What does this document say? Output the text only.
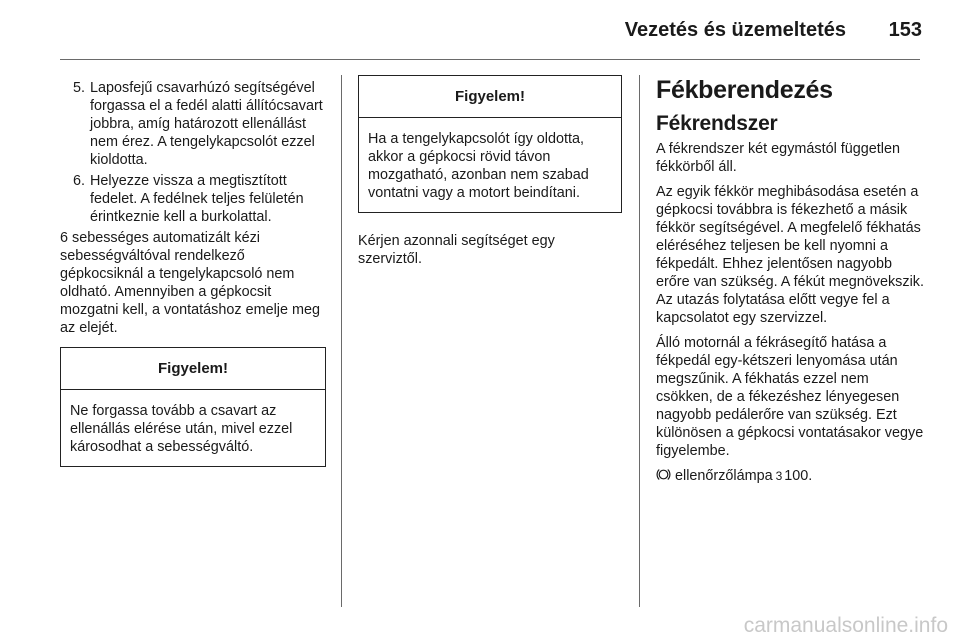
Vezetés és üzemeltetés 153
5. Laposfejű csavarhúzó segítségével forgassa el a fedél alatti állítócsavart jobbra, amíg határozott ellenállást nem érez. A tengelykapcsolót ezzel kioldotta.
6. Helyezze vissza a megtisztított fedelet. A fedélnek teljes felületén érintkeznie kell a burkolattal.

6 sebességes automatizált kézi sebességváltóval rendelkező gépkocsiknál a tengelykapcsoló nem oldható. Amennyiben a gépkocsit mozgatni kell, a vontatáshoz emelje meg az elejét.

Figyelem!
Ne forgassa tovább a csavart az ellenállás elérése után, mivel ezzel károsodhat a sebességváltó.
Figyelem!
Ha a tengelykapcsolót így oldotta, akkor a gépkocsi rövid távon mozgatható, azonban nem szabad vontatni vagy a motort beindítani.

Kérjen azonnali segítséget egy szerviztől.

Fékberendezés
Fékrendszer

A fékrendszer két egymástól független fékkörből áll.

Az egyik fékkör meghibásodása esetén a gépkocsi továbbra is fékezhető a másik fékkör segítségével. A megfelelő fékhatás eléréséhez teljesen be kell nyomni a fékpedált. Ehhez jelentősen nagyobb erőre van szükség. A fékút megnövekszik. Az utazás folytatása előtt vegye fel a kapcsolatot egy szervizzel.

Álló motornál a fékrásegítő hatása a fékpedál egy-kétszeri lenyomása után megszűnik. A fékhatás ezzel nem csökken, de a fékezéshez lényegesen nagyobb pedálerőre van szükség. Ezt különösen a gépkocsi vontatásakor vegye figyelembe.

ellenőrzőlámpa 3 100.

carmanualsonline.info
